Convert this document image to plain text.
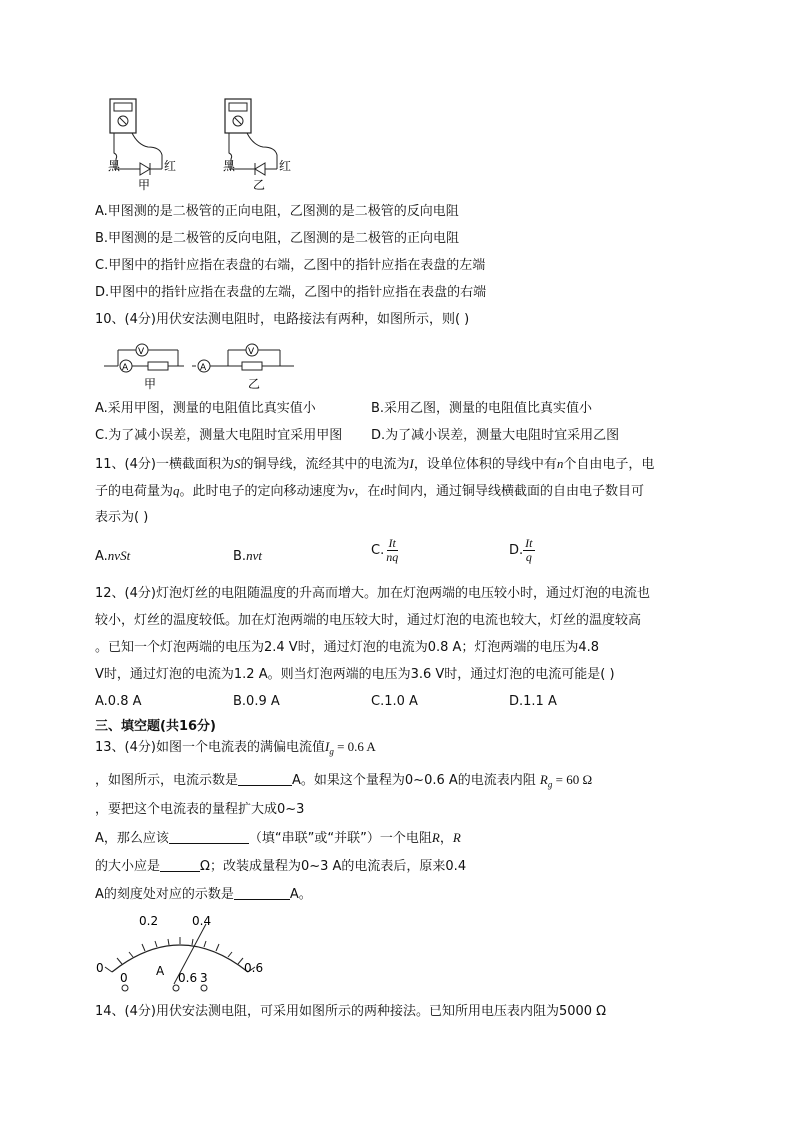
黑	红
甲
黑	红
乙
A.甲图测的是二极管的正向电阻，乙图测的是二极管的反向电阻
B.甲图测的是二极管的反向电阻，乙图测的是二极管的正向电阻
C.甲图中的指针应指在表盘的右端，乙图中的指针应指在表盘的左端
D.甲图中的指针应指在表盘的左端，乙图中的指针应指在表盘的右端
10、(4分)用伏安法测电阻时，电路接法有两种，如图所示，则( )
A
V
甲
A
V
乙
A.采用甲图，测量的电阻值比真实值小	B.采用乙图，测量的电阻值比真实值小
C.为了减小误差，测量大电阻时宜采用甲图 D.为了减小误差，测量大电阻时宜采用乙图
11、(4分)一横截面积为S的铜导线，流经其中的电流为I，设单位体积的导线中有n个自由电子，电
子的电荷量为q。此时电子的定向移动速度为v，在t时间内，通过铜导线横截面的自由电子数目可
表示为( )
A.nvSt	B.nvt	C. $\frac{It}{nq}$	D. $\frac{It}{q}$
12、(4分)灯泡灯丝的电阻随温度的升高而增大。加在灯泡两端的电压较小时，通过灯泡的电流也
较小，灯丝的温度较低。加在灯泡两端的电压较大时，通过灯泡的电流也较大，灯丝的温度较高
。已知一个灯泡两端的电压为2.4 V时，通过灯泡的电流为0.8 A；灯泡两端的电压为4.8
V时，通过灯泡的电流为1.2 A。则当灯泡两端的电压为3.6 V时，通过灯泡的电流可能是( )
A.0.8 A	B.0.9 A	C.1.0 A	D.1.1 A
三、填空题(共16分)
13、(4分)如图一个电流表的满偏电流值$I_g = 0.6$ A
，如图所示，电流示数是	A。如果这个量程为0~0.6 A的电流表内阻 $R_g = 60$ Ω
，要把这个电流表的量程扩大成0~3
A，那么应该	（填“串联”或“并联”）一个电阻R，R
的大小应是	Ω；改装成量程为0~3 A的电流表后，原来0.4
A的刻度处对应的示数是	A。
0
0.2	0.4
0.6
A
0	0.6 3
14、(4分)用伏安法测电阻，可采用如图所示的两种接法。已知所用电压表内阻为5000 Ω
